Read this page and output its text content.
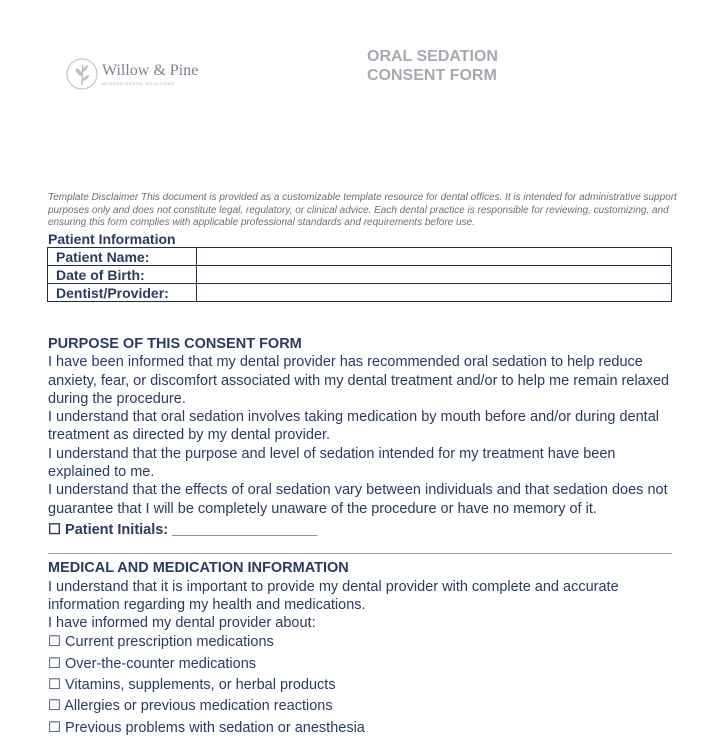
Willow & Pine
MODERN DENTAL SOLUTIONS
ORAL SEDATION
CONSENT FORM
Template Disclaimer This document is provided as a customizable template resource for dental offices. It is intended for administrative support purposes only and does not constitute legal, regulatory, or clinical advice. Each dental practice is responsible for reviewing, customizing, and ensuring this form complies with applicable professional standards and requirements before use.
Patient Information
Patient Name:	
Date of Birth:	
Dentist/Provider:	
PURPOSE OF THIS CONSENT FORM

I have been informed that my dental provider has recommended oral sedation to help reduce anxiety, fear, or discomfort associated with my dental treatment and/or to help me remain relaxed during the procedure.

I understand that oral sedation involves taking medication by mouth before and/or during dental treatment as directed by my dental provider.

I understand that the purpose and level of sedation intended for my treatment have been explained to me.

I understand that the effects of oral sedation vary between individuals and that sedation does not guarantee that I will be completely unaware of the procedure or have no memory of it.

☐ Patient Initials: __________________

MEDICAL AND MEDICATION INFORMATION

I understand that it is important to provide my dental provider with complete and accurate information regarding my health and medications.

I have informed my dental provider about:

☐ Current prescription medications

☐ Over-the-counter medications

☐ Vitamins, supplements, or herbal products

☐ Allergies or previous medication reactions

☐ Previous problems with sedation or anesthesia
